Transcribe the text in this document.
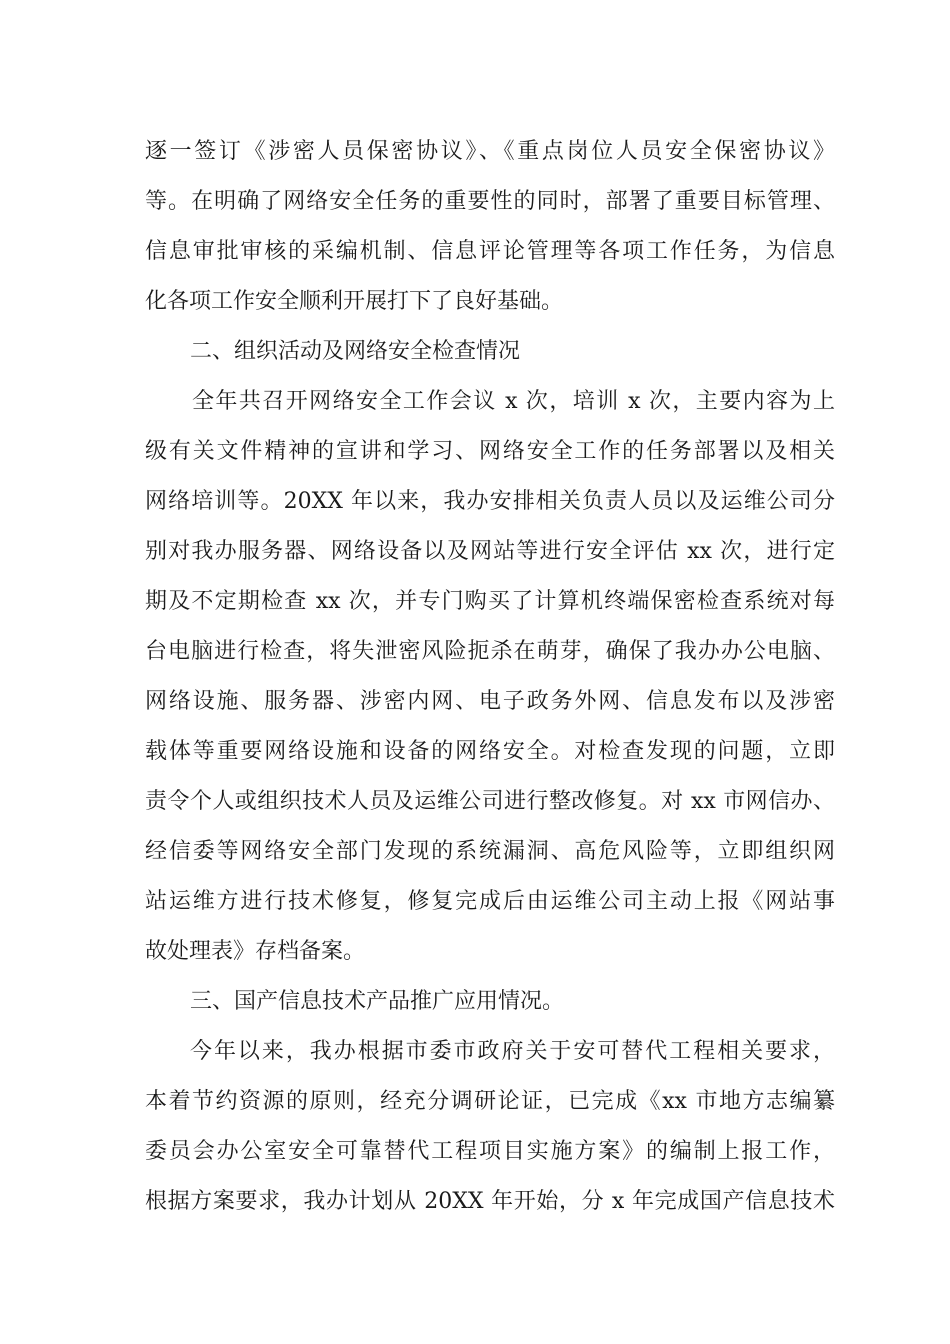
逐一签订《涉密人员保密协议》、《重点岗位人员安全保密协议》
等。在明确了网络安全任务的重要性的同时，部署了重要目标管理、
信息审批审核的采编机制、信息评论管理等各项工作任务，为信息
化各项工作安全顺利开展打下了良好基础。
二、组织活动及网络安全检查情况
全年共召开网络安全工作会议 x 次，培训 x 次，主要内容为上
级有关文件精神的宣讲和学习、网络安全工作的任务部署以及相关
网络培训等。20XX 年以来，我办安排相关负责人员以及运维公司分
别对我办服务器、网络设备以及网站等进行安全评估 xx 次，进行定
期及不定期检查 xx 次，并专门购买了计算机终端保密检查系统对每
台电脑进行检查，将失泄密风险扼杀在萌芽，确保了我办办公电脑、
网络设施、服务器、涉密内网、电子政务外网、信息发布以及涉密
载体等重要网络设施和设备的网络安全。对检查发现的问题，立即
责令个人或组织技术人员及运维公司进行整改修复。对 xx 市网信办、
经信委等网络安全部门发现的系统漏洞、高危风险等，立即组织网
站运维方进行技术修复，修复完成后由运维公司主动上报《网站事
故处理表》存档备案。
三、国产信息技术产品推广应用情况。
今年以来，我办根据市委市政府关于安可替代工程相关要求，
本着节约资源的原则，经充分调研论证，已完成《xx 市地方志编纂
委员会办公室安全可靠替代工程项目实施方案》的编制上报工作，
根据方案要求，我办计划从 20XX 年开始，分 x 年完成国产信息技术
